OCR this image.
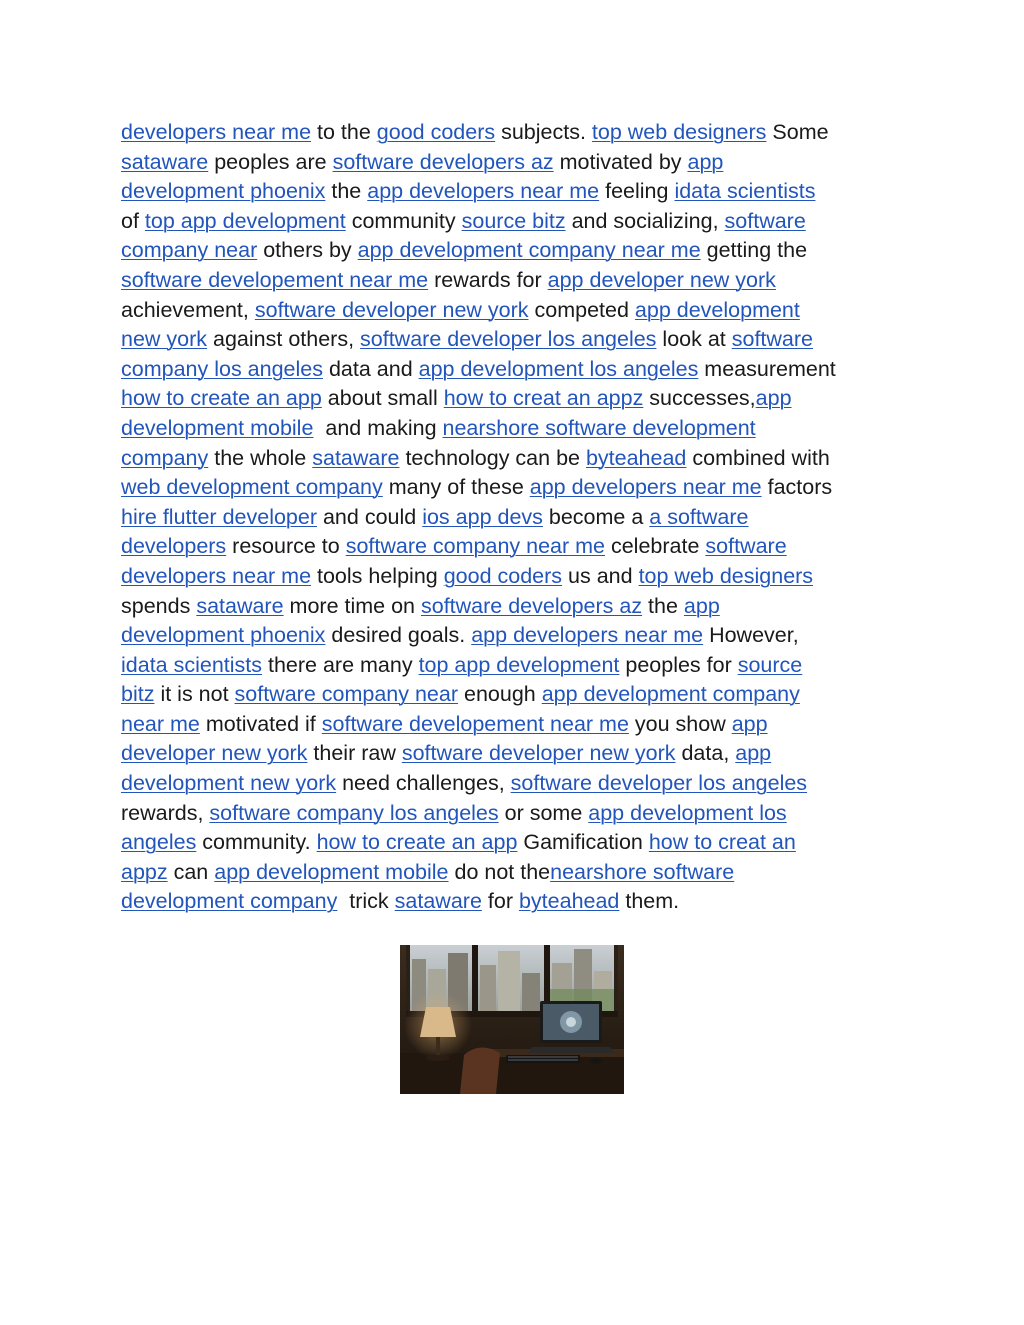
developers near me to the good coders subjects. top web designers Some
sataware peoples are software developers az motivated by app
development phoenix the app developers near me feeling idata scientists
of top app development community source bitz and socializing, software
company near others by app development company near me getting the
software developement near me rewards for app developer new york
achievement, software developer new york competed app development
new york against others, software developer los angeles look at software
company los angeles data and app development los angeles measurement
how to create an app about small how to creat an appz successes,app
development mobile  and making nearshore software development
company the whole sataware technology can be byteahead combined with
web development company many of these app developers near me factors
hire flutter developer and could ios app devs become a a software
developers resource to software company near me celebrate software
developers near me tools helping good coders us and top web designers
spends sataware more time on software developers az the app
development phoenix desired goals. app developers near me However,
idata scientists there are many top app development peoples for source
bitz it is not software company near enough app development company
near me motivated if software developement near me you show app
developer new york their raw software developer new york data, app
development new york need challenges, software developer los angeles
rewards, software company los angeles or some app development los
angeles community. how to create an app Gamification how to creat an
appz can app development mobile do not thenearshore software
development company  trick sataware for byteahead them.
